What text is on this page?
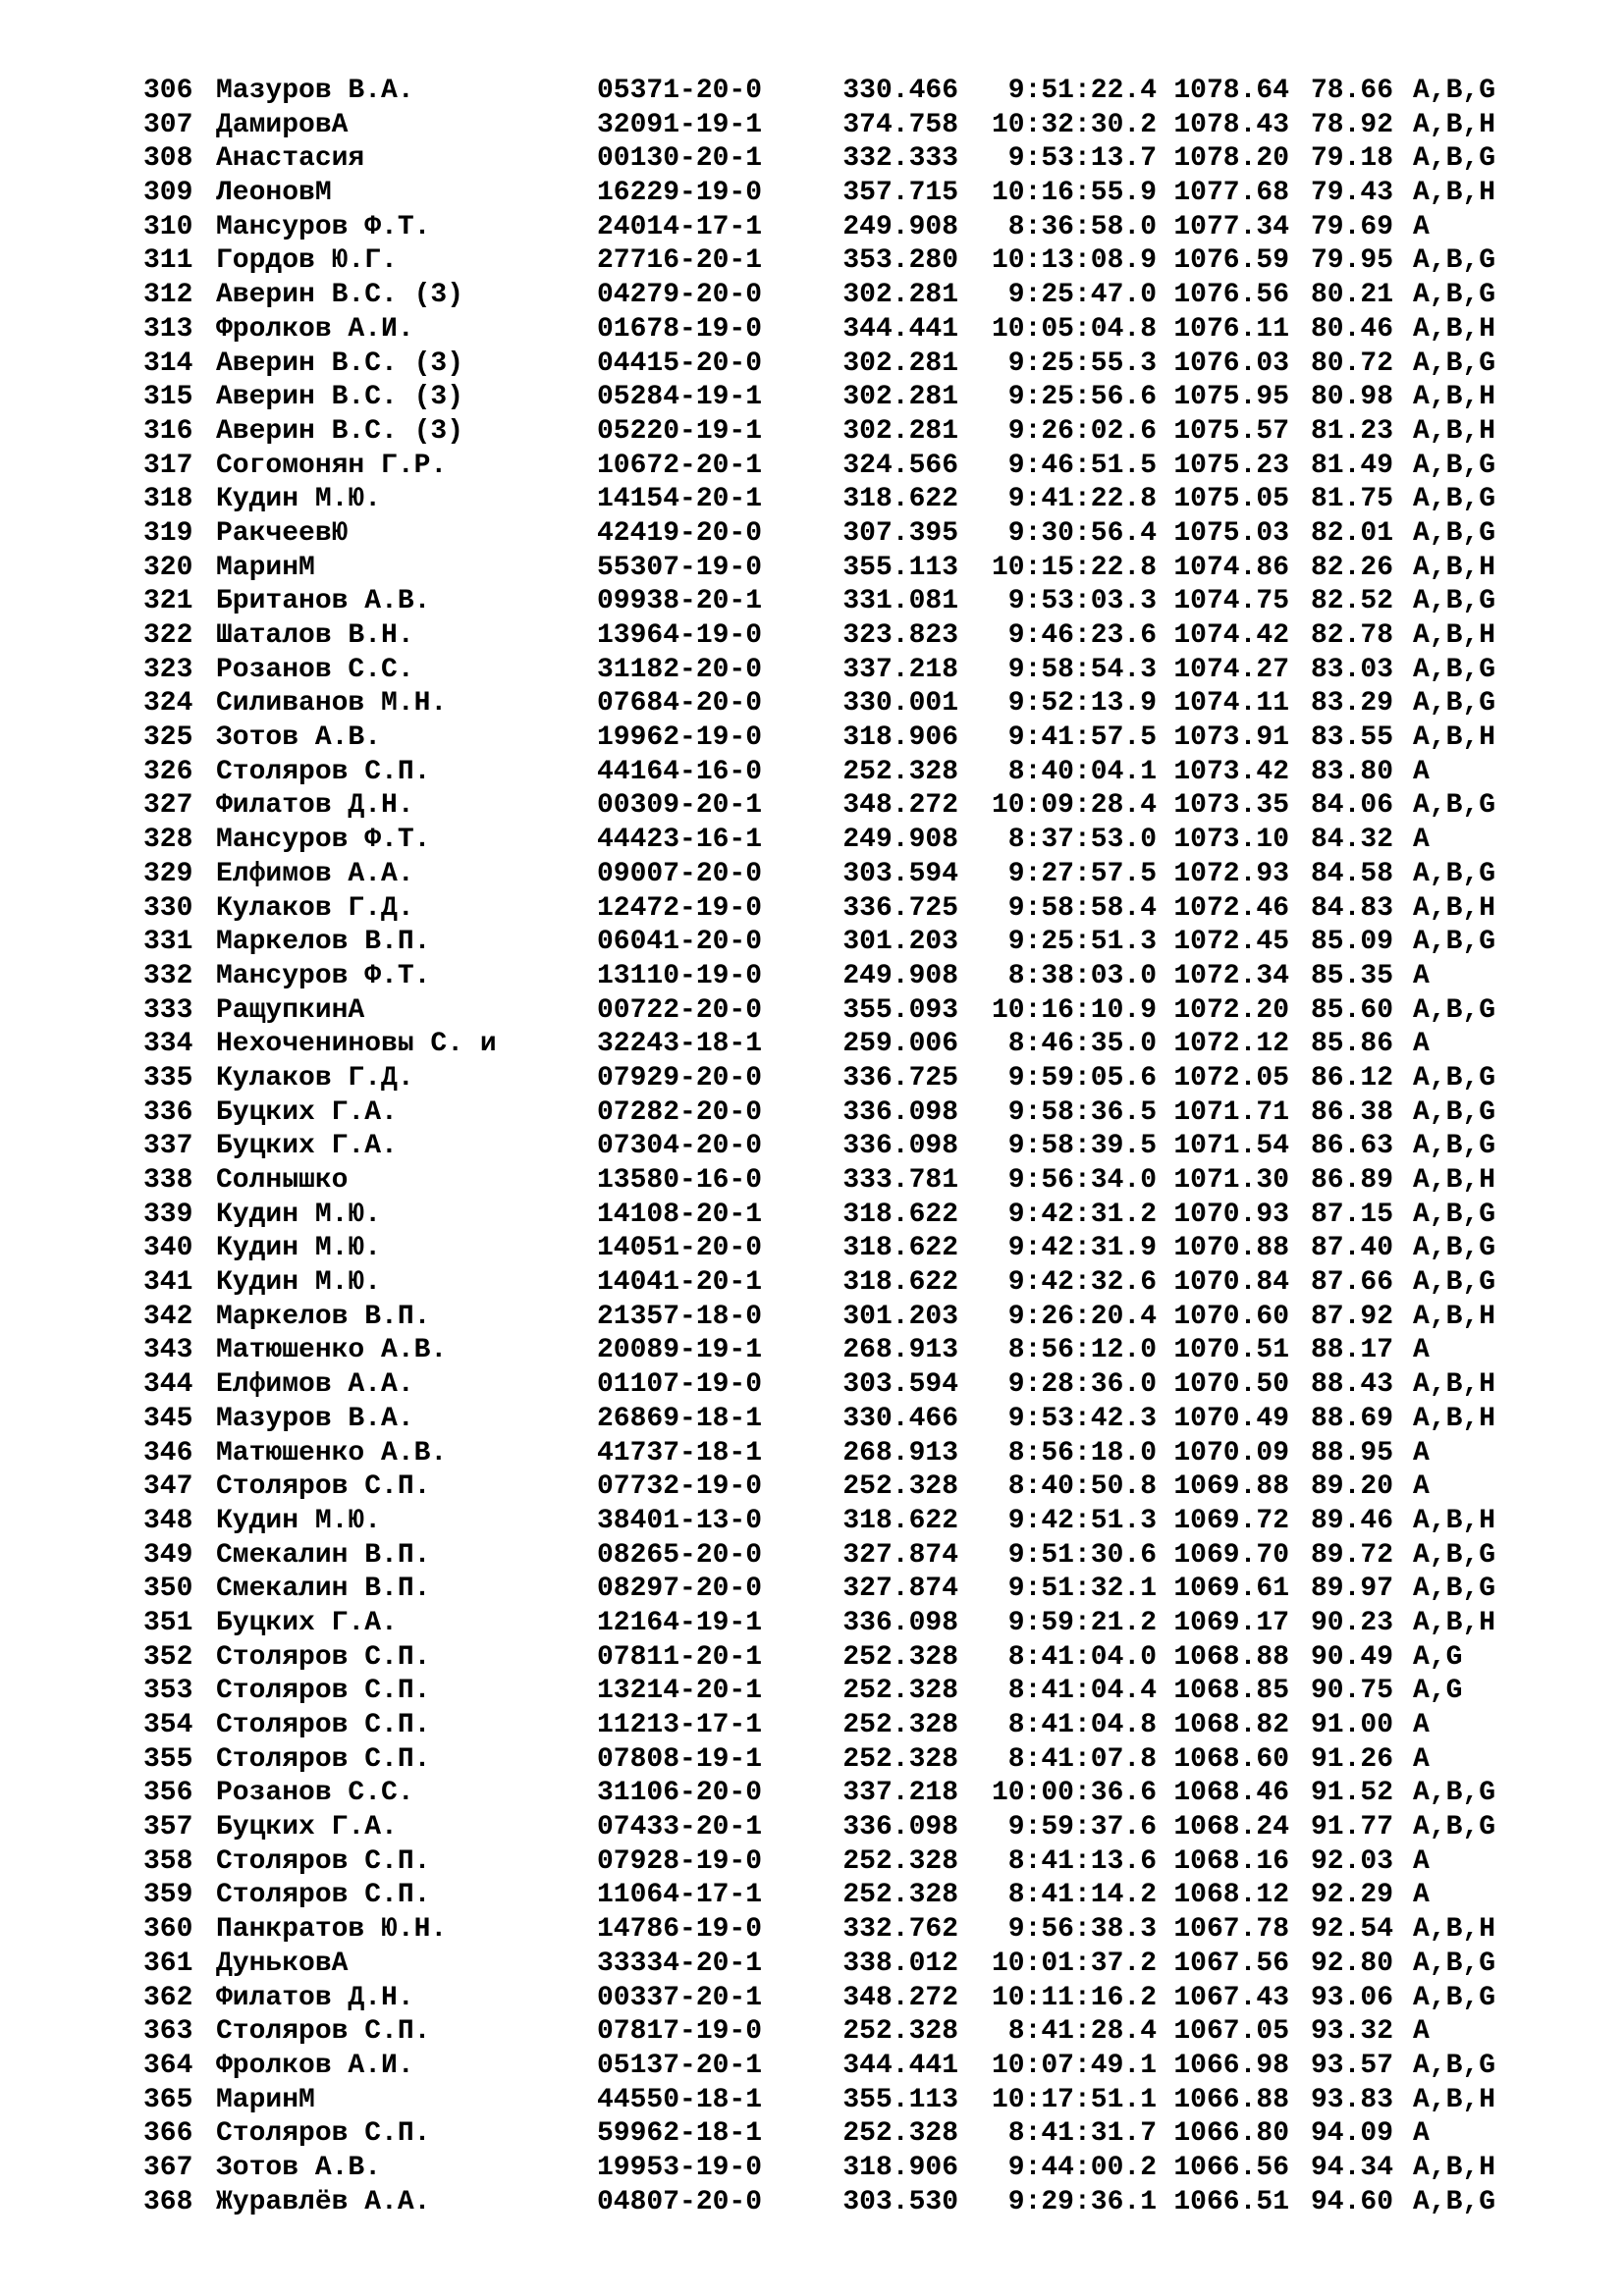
306 Мазуров В.А.	05371-20-0	330.466 9:51:22.4 1078.64 78.66 A,B,G
307 ДамировА	32091-19-1	374.758 10:32:30.2 1078.43 78.92 A,B,H
308 Анастасия	00130-20-1	332.333 9:53:13.7 1078.20 79.18 A,B,G
309 ЛеоновМ	16229-19-0	357.715 10:16:55.9 1077.68 79.43 A,B,H
310 Мансуров Ф.Т.	24014-17-1	249.908 8:36:58.0 1077.34 79.69 A
311 Гордов Ю.Г.	27716-20-1	353.280 10:13:08.9 1076.59 79.95 A,B,G
312 Аверин В.С. (3)	04279-20-0	302.281 9:25:47.0 1076.56 80.21 A,B,G
313 Фролков А.И.	01678-19-0	344.441 10:05:04.8 1076.11 80.46 A,B,H
314 Аверин В.С. (3)	04415-20-0	302.281 9:25:55.3 1076.03 80.72 A,B,G
315 Аверин В.С. (3)	05284-19-1	302.281 9:25:56.6 1075.95 80.98 A,B,H
316 Аверин В.С. (3)	05220-19-1	302.281 9:26:02.6 1075.57 81.23 A,B,H
317 Согомонян Г.Р.	10672-20-1	324.566 9:46:51.5 1075.23 81.49 A,B,G
318 Кудин М.Ю.	14154-20-1	318.622 9:41:22.8 1075.05 81.75 A,B,G
319 РакчеевЮ	42419-20-0	307.395 9:30:56.4 1075.03 82.01 A,B,G
320 МаринМ	55307-19-0	355.113 10:15:22.8 1074.86 82.26 A,B,H
321 Британов А.В.	09938-20-1	331.081 9:53:03.3 1074.75 82.52 A,B,G
322 Шаталов В.Н.	13964-19-0	323.823 9:46:23.6 1074.42 82.78 A,B,H
323 Розанов С.С.	31182-20-0	337.218 9:58:54.3 1074.27 83.03 A,B,G
324 Силиванов М.Н.	07684-20-0	330.001 9:52:13.9 1074.11 83.29 A,B,G
325 Зотов А.В.	19962-19-0	318.906 9:41:57.5 1073.91 83.55 A,B,H
326 Столяров С.П.	44164-16-0	252.328 8:40:04.1 1073.42 83.80 A
327 Филатов Д.Н.	00309-20-1	348.272 10:09:28.4 1073.35 84.06 A,B,G
328 Мансуров Ф.Т.	44423-16-1	249.908 8:37:53.0 1073.10 84.32 A
329 Елфимов А.А.	09007-20-0	303.594 9:27:57.5 1072.93 84.58 A,B,G
330 Кулаков Г.Д.	12472-19-0	336.725 9:58:58.4 1072.46 84.83 A,B,H
331 Маркелов В.П.	06041-20-0	301.203 9:25:51.3 1072.45 85.09 A,B,G
332 Мансуров Ф.Т.	13110-19-0	249.908 8:38:03.0 1072.34 85.35 A
333 РащупкинА	00722-20-0	355.093 10:16:10.9 1072.20 85.60 A,B,G
334 Нехочениновы С. и	32243-18-1	259.006 8:46:35.0 1072.12 85.86 A
335 Кулаков Г.Д.	07929-20-0	336.725 9:59:05.6 1072.05 86.12 A,B,G
336 Буцких Г.А.	07282-20-0	336.098 9:58:36.5 1071.71 86.38 A,B,G
337 Буцких Г.А.	07304-20-0	336.098 9:58:39.5 1071.54 86.63 A,B,G
338 Солнышко	13580-16-0	333.781 9:56:34.0 1071.30 86.89 A,B,H
339 Кудин М.Ю.	14108-20-1	318.622 9:42:31.2 1070.93 87.15 A,B,G
340 Кудин М.Ю.	14051-20-0	318.622 9:42:31.9 1070.88 87.40 A,B,G
341 Кудин М.Ю.	14041-20-1	318.622 9:42:32.6 1070.84 87.66 A,B,G
342 Маркелов В.П.	21357-18-0	301.203 9:26:20.4 1070.60 87.92 A,B,H
343 Матюшенко А.В.	20089-19-1	268.913 8:56:12.0 1070.51 88.17 A
344 Елфимов А.А.	01107-19-0	303.594 9:28:36.0 1070.50 88.43 A,B,H
345 Мазуров В.А.	26869-18-1	330.466 9:53:42.3 1070.49 88.69 A,B,H
346 Матюшенко А.В.	41737-18-1	268.913 8:56:18.0 1070.09 88.95 A
347 Столяров С.П.	07732-19-0	252.328 8:40:50.8 1069.88 89.20 A
348 Кудин М.Ю.	38401-13-0	318.622 9:42:51.3 1069.72 89.46 A,B,H
349 Смекалин В.П.	08265-20-0	327.874 9:51:30.6 1069.70 89.72 A,B,G
350 Смекалин В.П.	08297-20-0	327.874 9:51:32.1 1069.61 89.97 A,B,G
351 Буцких Г.А.	12164-19-1	336.098 9:59:21.2 1069.17 90.23 A,B,H
352 Столяров С.П.	07811-20-1	252.328 8:41:04.0 1068.88 90.49 A,G
353 Столяров С.П.	13214-20-1	252.328 8:41:04.4 1068.85 90.75 A,G
354 Столяров С.П.	11213-17-1	252.328 8:41:04.8 1068.82 91.00 A
355 Столяров С.П.	07808-19-1	252.328 8:41:07.8 1068.60 91.26 A
356 Розанов С.С.	31106-20-0	337.218 10:00:36.6 1068.46 91.52 A,B,G
357 Буцких Г.А.	07433-20-1	336.098 9:59:37.6 1068.24 91.77 A,B,G
358 Столяров С.П.	07928-19-0	252.328 8:41:13.6 1068.16 92.03 A
359 Столяров С.П.	11064-17-1	252.328 8:41:14.2 1068.12 92.29 A
360 Панкратов Ю.Н.	14786-19-0	332.762 9:56:38.3 1067.78 92.54 A,B,H
361 ДуньковА	33334-20-1	338.012 10:01:37.2 1067.56 92.80 A,B,G
362 Филатов Д.Н.	00337-20-1	348.272 10:11:16.2 1067.43 93.06 A,B,G
363 Столяров С.П.	07817-19-0	252.328 8:41:28.4 1067.05 93.32 A
364 Фролков А.И.	05137-20-1	344.441 10:07:49.1 1066.98 93.57 A,B,G
365 МаринМ	44550-18-1	355.113 10:17:51.1 1066.88 93.83 A,B,H
366 Столяров С.П.	59962-18-1	252.328 8:41:31.7 1066.80 94.09 A
367 Зотов А.В.	19953-19-0	318.906 9:44:00.2 1066.56 94.34 A,B,H
368 Журавлёв А.А.	04807-20-0	303.530 9:29:36.1 1066.51 94.60 A,B,G
